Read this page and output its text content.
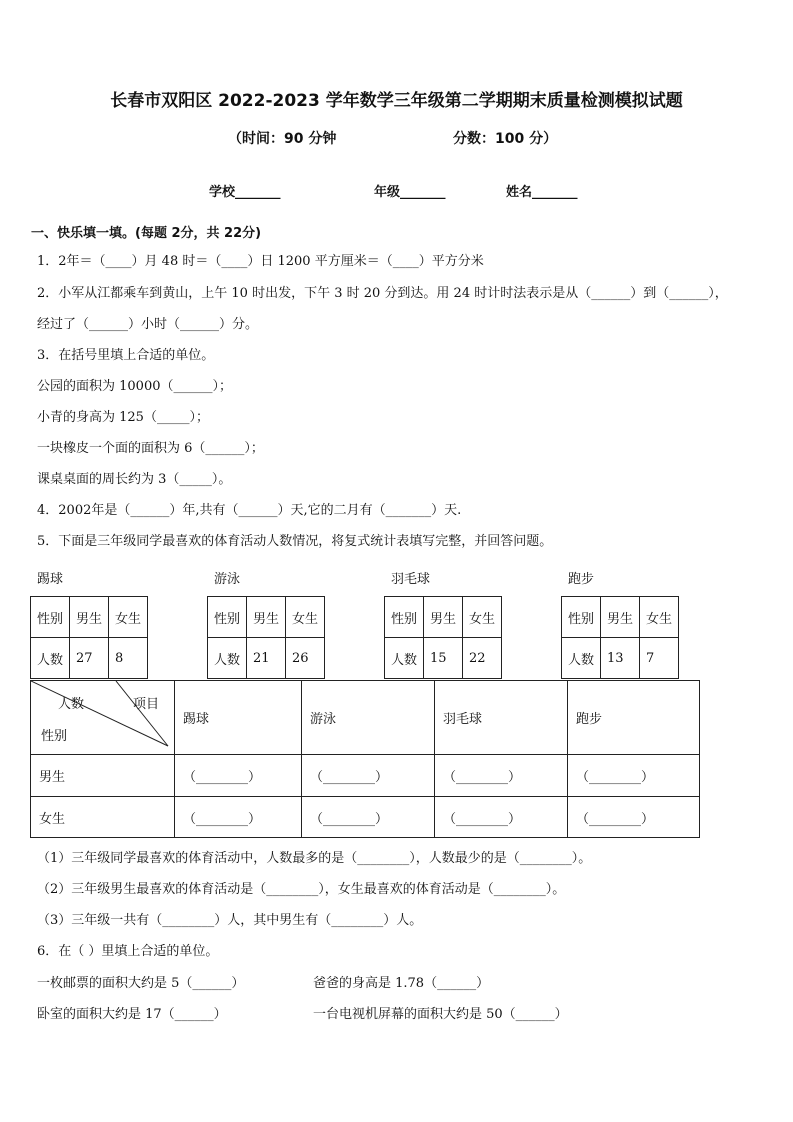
长春市双阳区 2022-2023 学年数学三年级第二学期期末质量检测模拟试题
（时间：90 分钟	分数：100 分）
学校_______	年级_______	姓名_______
一、快乐填一填。(每题 2分，共 22分)
1．2年＝（____）月 48 时＝（____）日 1200 平方厘米＝（____）平方分米
2．小军从江都乘车到黄山，上午 10 时出发，下午 3 时 20 分到达。用 24 时计时法表示是从（______）到（______），
经过了（______）小时（______）分。
3．在括号里填上合适的单位。
公园的面积为 10000（______）；
小青的身高为 125（_____）；
一块橡皮一个面的面积为 6（______）；
课桌桌面的周长约为 3（_____）。
4．2002年是（______）年,共有（______）天,它的二月有（_______）天.
5．下面是三年级同学最喜欢的体育活动人数情况，将复式统计表填写完整，并回答问题。
踢球
性别	男生	女生
人数	27	8
游泳
性别	男生	女生
人数	21	26
羽毛球
性别	男生	女生
人数	15	22
跑步
性别	男生	女生
人数	13	7
人数 项目
性别	踢球	游泳	羽毛球	跑步
男生	（________）	（________）	（________）	（________）
女生	（________）	（________）	（________）	（________）
（1）三年级同学最喜欢的体育活动中，人数最多的是（________），人数最少的是（________）。
（2）三年级男生最喜欢的体育活动是（________），女生最喜欢的体育活动是（________）。
（3）三年级一共有（________）人，其中男生有（________）人。
6．在（ ）里填上合适的单位。
一枚邮票的面积大约是 5（______）	爸爸的身高是 1.78（______）
卧室的面积大约是 17（______）	一台电视机屏幕的面积大约是 50（______）
